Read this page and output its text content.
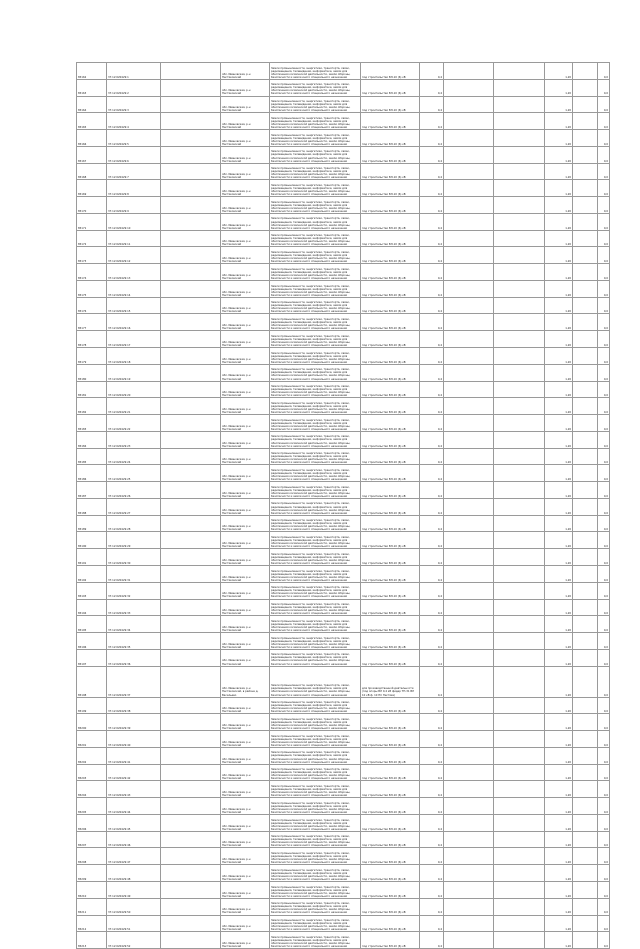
85162	37:12:020429:1		обл. Ивановская, р-н Пестяковский	Земли промышленности, энергетики, транспорта, связи, радиовещания, телевидения, информатики, земли для обеспечения космической деятельности, земли обороны, безопасности и земли иного специального назначения	под строительство ВЛ-10 (6) кВ	0,4			1,20		0,0

85163	37:12:020429:2		обл. Ивановская, р-н Пестяковский	Земли промышленности, энергетики, транспорта, связи, радиовещания, телевидения, информатики, земли для обеспечения космической деятельности, земли обороны, безопасности и земли иного специального назначения	под строительство ВЛ-10 (6) кВ	0,4			1,20		0,0

85164	37:12:020429:3		обл. Ивановская, р-н Пестяковский	Земли промышленности, энергетики, транспорта, связи, радиовещания, телевидения, информатики, земли для обеспечения космической деятельности, земли обороны, безопасности и земли иного специального назначения	под строительство ВЛ-10 (6) кВ	0,4			1,20		0,0

85165	37:12:020429:4		обл. Ивановская, р-н Пестяковский	Земли промышленности, энергетики, транспорта, связи, радиовещания, телевидения, информатики, земли для обеспечения космической деятельности, земли обороны, безопасности и земли иного специального назначения	под строительство ВЛ-10 (6) кВ	0,4			1,20		0,0

85166	37:12:020429:5		обл. Ивановская, р-н Пестяковский	Земли промышленности, энергетики, транспорта, связи, радиовещания, телевидения, информатики, земли для обеспечения космической деятельности, земли обороны, безопасности и земли иного специального назначения	под строительство ВЛ-10 (6) кВ	0,4			1,20		0,0

85167	37:12:020429:6		обл. Ивановская, р-н Пестяковский	Земли промышленности, энергетики, транспорта, связи, радиовещания, телевидения, информатики, земли для обеспечения космической деятельности, земли обороны, безопасности и земли иного специального назначения	под строительство ВЛ-10 (6) кВ	0,4			1,20		0,0

85168	37:12:020429:7		обл. Ивановская, р-н Пестяковский	Земли промышленности, энергетики, транспорта, связи, радиовещания, телевидения, информатики, земли для обеспечения космической деятельности, земли обороны, безопасности и земли иного специального назначения	под строительство ВЛ-10 (6) кВ	0,4			1,20		0,0

85169	37:12:020429:8		обл. Ивановская, р-н Пестяковский	Земли промышленности, энергетики, транспорта, связи, радиовещания, телевидения, информатики, земли для обеспечения космической деятельности, земли обороны, безопасности и земли иного специального назначения	под строительство ВЛ-10 (6) кВ	0,4			1,20		0,0

85170	37:12:020429:9		обл. Ивановская, р-н Пестяковский	Земли промышленности, энергетики, транспорта, связи, радиовещания, телевидения, информатики, земли для обеспечения космической деятельности, земли обороны, безопасности и земли иного специального назначения	под строительство ВЛ-10 (6) кВ	0,4			1,20		0,0

85171	37:12:020429:10		обл. Ивановская, р-н Пестяковский	Земли промышленности, энергетики, транспорта, связи, радиовещания, телевидения, информатики, земли для обеспечения космической деятельности, земли обороны, безопасности и земли иного специального назначения	под строительство ВЛ-10 (6) кВ	0,4			1,20		0,0

85172	37:12:020429:11		обл. Ивановская, р-н Пестяковский	Земли промышленности, энергетики, транспорта, связи, радиовещания, телевидения, информатики, земли для обеспечения космической деятельности, земли обороны, безопасности и земли иного специального назначения	под строительство ВЛ-10 (6) кВ	0,4			1,20		0,0

85173	37:12:020429:12		обл. Ивановская, р-н Пестяковский	Земли промышленности, энергетики, транспорта, связи, радиовещания, телевидения, информатики, земли для обеспечения космической деятельности, земли обороны, безопасности и земли иного специального назначения	под строительство ВЛ-10 (6) кВ	0,4			1,20		0,0

85174	37:12:020429:13		обл. Ивановская, р-н Пестяковский	Земли промышленности, энергетики, транспорта, связи, радиовещания, телевидения, информатики, земли для обеспечения космической деятельности, земли обороны, безопасности и земли иного специального назначения	под строительство ВЛ-10 (6) кВ	0,4			1,20		0,0

85175	37:12:020429:14		обл. Ивановская, р-н Пестяковский	Земли промышленности, энергетики, транспорта, связи, радиовещания, телевидения, информатики, земли для обеспечения космической деятельности, земли обороны, безопасности и земли иного специального назначения	под строительство ВЛ-10 (6) кВ	0,4			1,20		0,0

85176	37:12:020429:15		обл. Ивановская, р-н Пестяковский	Земли промышленности, энергетики, транспорта, связи, радиовещания, телевидения, информатики, земли для обеспечения космической деятельности, земли обороны, безопасности и земли иного специального назначения	под строительство ВЛ-10 (6) кВ	0,4			1,20		0,0

85177	37:12:020429:16		обл. Ивановская, р-н Пестяковский	Земли промышленности, энергетики, транспорта, связи, радиовещания, телевидения, информатики, земли для обеспечения космической деятельности, земли обороны, безопасности и земли иного специального назначения	под строительство ВЛ-10 (6) кВ	0,4			1,20		0,0

85178	37:12:020429:17		обл. Ивановская, р-н Пестяковский	Земли промышленности, энергетики, транспорта, связи, радиовещания, телевидения, информатики, земли для обеспечения космической деятельности, земли обороны, безопасности и земли иного специального назначения	под строительство ВЛ-10 (6) кВ	0,4			1,20		0,0

85179	37:12:020429:18		обл. Ивановская, р-н Пестяковский	Земли промышленности, энергетики, транспорта, связи, радиовещания, телевидения, информатики, земли для обеспечения космической деятельности, земли обороны, безопасности и земли иного специального назначения	под строительство ВЛ-10 (6) кВ	0,4			1,20		0,0

85180	37:12:020429:19		обл. Ивановская, р-н Пестяковский	Земли промышленности, энергетики, транспорта, связи, радиовещания, телевидения, информатики, земли для обеспечения космической деятельности, земли обороны, безопасности и земли иного специального назначения	под строительство ВЛ-10 (6) кВ	0,4			1,20		0,0

85181	37:12:020429:20		обл. Ивановская, р-н Пестяковский	Земли промышленности, энергетики, транспорта, связи, радиовещания, телевидения, информатики, земли для обеспечения космической деятельности, земли обороны, безопасности и земли иного специального назначения	под строительство ВЛ-10 (6) кВ	0,4			1,20		0,0

85182	37:12:020429:21		обл. Ивановская, р-н Пестяковский	Земли промышленности, энергетики, транспорта, связи, радиовещания, телевидения, информатики, земли для обеспечения космической деятельности, земли обороны, безопасности и земли иного специального назначения	под строительство ВЛ-10 (6) кВ	0,4			1,20		0,0

85183	37:12:020429:22		обл. Ивановская, р-н Пестяковский	Земли промышленности, энергетики, транспорта, связи, радиовещания, телевидения, информатики, земли для обеспечения космической деятельности, земли обороны, безопасности и земли иного специального назначения	под строительство ВЛ-10 (6) кВ	0,4			1,20		0,0

85184	37:12:020429:23		обл. Ивановская, р-н Пестяковский	Земли промышленности, энергетики, транспорта, связи, радиовещания, телевидения, информатики, земли для обеспечения космической деятельности, земли обороны, безопасности и земли иного специального назначения	под строительство ВЛ-10 (6) кВ	0,4			1,20		0,0

85185	37:12:020429:24		обл. Ивановская, р-н Пестяковский	Земли промышленности, энергетики, транспорта, связи, радиовещания, телевидения, информатики, земли для обеспечения космической деятельности, земли обороны, безопасности и земли иного специального назначения	под строительство ВЛ-10 (6) кВ	0,4			1,20		0,0

85186	37:12:020429:25		обл. Ивановская, р-н Пестяковский	Земли промышленности, энергетики, транспорта, связи, радиовещания, телевидения, информатики, земли для обеспечения космической деятельности, земли обороны, безопасности и земли иного специального назначения	под строительство ВЛ-10 (6) кВ	0,4			1,20		0,0

85187	37:12:020429:26		обл. Ивановская, р-н Пестяковский	Земли промышленности, энергетики, транспорта, связи, радиовещания, телевидения, информатики, земли для обеспечения космической деятельности, земли обороны, безопасности и земли иного специального назначения	под строительство ВЛ-10 (6) кВ	0,4			1,20		0,0

85188	37:12:020429:27		обл. Ивановская, р-н Пестяковский	Земли промышленности, энергетики, транспорта, связи, радиовещания, телевидения, информатики, земли для обеспечения космической деятельности, земли обороны, безопасности и земли иного специального назначения	под строительство ВЛ-10 (6) кВ	0,4			1,20		0,0

85189	37:12:020429:28		обл. Ивановская, р-н Пестяковский	Земли промышленности, энергетики, транспорта, связи, радиовещания, телевидения, информатики, земли для обеспечения космической деятельности, земли обороны, безопасности и земли иного специального назначения	под строительство ВЛ-10 (6) кВ	0,4			1,20		0,0

85190	37:12:020429:29		обл. Ивановская, р-н Пестяковский	Земли промышленности, энергетики, транспорта, связи, радиовещания, телевидения, информатики, земли для обеспечения космической деятельности, земли обороны, безопасности и земли иного специального назначения	под строительство ВЛ-10 (6) кВ	0,4			1,20		0,0

85191	37:12:020429:30		обл. Ивановская, р-н Пестяковский	Земли промышленности, энергетики, транспорта, связи, радиовещания, телевидения, информатики, земли для обеспечения космической деятельности, земли обороны, безопасности и земли иного специального назначения	под строительство ВЛ-10 (6) кВ	0,4			1,20		0,0

85192	37:12:020429:31		обл. Ивановская, р-н Пестяковский	Земли промышленности, энергетики, транспорта, связи, радиовещания, телевидения, информатики, земли для обеспечения космической деятельности, земли обороны, безопасности и земли иного специального назначения	под строительство ВЛ-10 (6) кВ	0,4			1,20		0,0

85193	37:12:020429:32		обл. Ивановская, р-н Пестяковский	Земли промышленности, энергетики, транспорта, связи, радиовещания, телевидения, информатики, земли для обеспечения космической деятельности, земли обороны, безопасности и земли иного специального назначения	под строительство ВЛ-10 (6) кВ	0,4			1,20		0,0

85194	37:12:020429:33		обл. Ивановская, р-н Пестяковский	Земли промышленности, энергетики, транспорта, связи, радиовещания, телевидения, информатики, земли для обеспечения космической деятельности, земли обороны, безопасности и земли иного специального назначения	под строительство ВЛ-10 (6) кВ	0,4			1,20		0,0

85195	37:12:020429:34		обл. Ивановская, р-н Пестяковский	Земли промышленности, энергетики, транспорта, связи, радиовещания, телевидения, информатики, земли для обеспечения космической деятельности, земли обороны, безопасности и земли иного специального назначения	под строительство ВЛ-10 (6) кВ	0,4			1,20		0,0

85196	37:12:020429:35		обл. Ивановская, р-н Пестяковский	Земли промышленности, энергетики, транспорта, связи, радиовещания, телевидения, информатики, земли для обеспечения космической деятельности, земли обороны, безопасности и земли иного специального назначения	под строительство ВЛ-10 (6) кВ	0,4			1,20		0,0

85197	37:12:020429:36		обл. Ивановская, р-н Пестяковский	Земли промышленности, энергетики, транспорта, связи, радиовещания, телевидения, информатики, земли для обеспечения космической деятельности, земли обороны, безопасности и земли иного специального назначения	под строительство ВЛ-10 (6) кВ	0,4			1,20		0,0

85198	37:12:020429:37		обл. Ивановская, р-н Пестяковский, в районе д. Васильево	Земли промышленности, энергетики, транспорта, связи, радиовещания, телевидения, информатики, земли для обеспечения космической деятельности, земли обороны, безопасности и земли иного специального назначения	для производственной деятельности (под опоры ВЛ 0,4 кВ фидер ТП-31 ВЛ 10 кВ ф. 10 ПС Пестяки)	0,4			1,20		0,0

85199	37:12:020429:38		обл. Ивановская, р-н Пестяковский	Земли промышленности, энергетики, транспорта, связи, радиовещания, телевидения, информатики, земли для обеспечения космической деятельности, земли обороны, безопасности и земли иного специального назначения	под строительство ВЛ-10 (6) кВ	0,4			1,20		0,0

85200	37:12:020429:39		обл. Ивановская, р-н Пестяковский	Земли промышленности, энергетики, транспорта, связи, радиовещания, телевидения, информатики, земли для обеспечения космической деятельности, земли обороны, безопасности и земли иного специального назначения	под строительство ВЛ-10 (6) кВ	0,4			1,20		0,0

85201	37:12:020429:40		обл. Ивановская, р-н Пестяковский	Земли промышленности, энергетики, транспорта, связи, радиовещания, телевидения, информатики, земли для обеспечения космической деятельности, земли обороны, безопасности и земли иного специального назначения	под строительство ВЛ-10 (6) кВ	0,4			1,20		0,0

85202	37:12:020429:41		обл. Ивановская, р-н Пестяковский	Земли промышленности, энергетики, транспорта, связи, радиовещания, телевидения, информатики, земли для обеспечения космической деятельности, земли обороны, безопасности и земли иного специального назначения	под строительство ВЛ-10 (6) кВ	0,4			1,20		0,0

85203	37:12:020429:42		обл. Ивановская, р-н Пестяковский	Земли промышленности, энергетики, транспорта, связи, радиовещания, телевидения, информатики, земли для обеспечения космической деятельности, земли обороны, безопасности и земли иного специального назначения	под строительство ВЛ-10 (6) кВ	0,4			1,20		0,0

85204	37:12:020429:43		обл. Ивановская, р-н Пестяковский	Земли промышленности, энергетики, транспорта, связи, радиовещания, телевидения, информатики, земли для обеспечения космической деятельности, земли обороны, безопасности и земли иного специального назначения	под строительство ВЛ-10 (6) кВ	0,4			1,20		0,0

85205	37:12:020429:44		обл. Ивановская, р-н Пестяковский	Земли промышленности, энергетики, транспорта, связи, радиовещания, телевидения, информатики, земли для обеспечения космической деятельности, земли обороны, безопасности и земли иного специального назначения	под строительство ВЛ-10 (6) кВ	0,4			1,20		0,0

85206	37:12:020429:45		обл. Ивановская, р-н Пестяковский	Земли промышленности, энергетики, транспорта, связи, радиовещания, телевидения, информатики, земли для обеспечения космической деятельности, земли обороны, безопасности и земли иного специального назначения	под строительство ВЛ-10 (6) кВ	0,4			1,20		0,0

85207	37:12:020429:46		обл. Ивановская, р-н Пестяковский	Земли промышленности, энергетики, транспорта, связи, радиовещания, телевидения, информатики, земли для обеспечения космической деятельности, земли обороны, безопасности и земли иного специального назначения	под строительство ВЛ-10 (6) кВ	0,4			1,20		0,0

85208	37:12:020429:47		обл. Ивановская, р-н Пестяковский	Земли промышленности, энергетики, транспорта, связи, радиовещания, телевидения, информатики, земли для обеспечения космической деятельности, земли обороны, безопасности и земли иного специального назначения	под строительство ВЛ-10 (6) кВ	0,4			1,20		0,0

85209	37:12:020429:48		обл. Ивановская, р-н Пестяковский	Земли промышленности, энергетики, транспорта, связи, радиовещания, телевидения, информатики, земли для обеспечения космической деятельности, земли обороны, безопасности и земли иного специального назначения	под строительство ВЛ-10 (6) кВ	0,4			1,20		0,0

85210	37:12:020429:49		обл. Ивановская, р-н Пестяковский	Земли промышленности, энергетики, транспорта, связи, радиовещания, телевидения, информатики, земли для обеспечения космической деятельности, земли обороны, безопасности и земли иного специального назначения	под строительство ВЛ-10 (6) кВ	0,4			1,20		0,0

85211	37:12:020429:50		обл. Ивановская, р-н Пестяковский	Земли промышленности, энергетики, транспорта, связи, радиовещания, телевидения, информатики, земли для обеспечения космической деятельности, земли обороны, безопасности и земли иного специального назначения	под строительство ВЛ-10 (6) кВ	0,4			1,20		0,0

85212	37:12:020429:51		обл. Ивановская, р-н Пестяковский	Земли промышленности, энергетики, транспорта, связи, радиовещания, телевидения, информатики, земли для обеспечения космической деятельности, земли обороны, безопасности и земли иного специального назначения	под строительство ВЛ-10 (6) кВ	0,4			1,20		0,0

85213	37:12:020429:52		обл. Ивановская, р-н Пестяковский	Земли промышленности, энергетики, транспорта, связи, радиовещания, телевидения, информатики, земли для обеспечения космической деятельности, земли обороны, безопасности и земли иного специального назначения	под строительство ВЛ-10 (6) кВ	0,4			1,20		0,0
